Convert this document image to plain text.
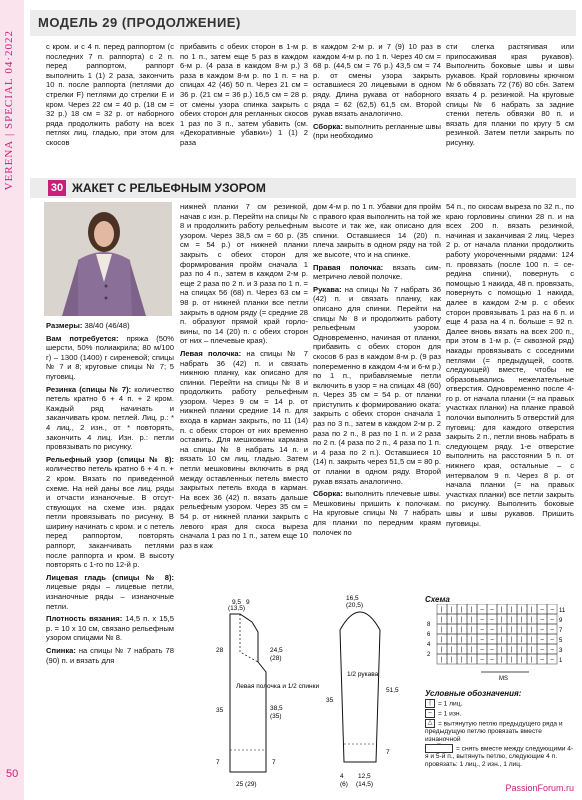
VERENA | SPECIAL 04·2022
50
МОДЕЛЬ 29 (ПРОДОЛЖЕНИЕ)
с кром. и с 4 п. перед раппортом (с последних 7 п. раппорта) с 2 п. перед раппортом, раппорт выполнить 1 (1) 2 раза, закончить 10 п. после раппорта (петлями до стрелки F) петлями до стрелки E и кром. Через 22 см = 40 р. (18 см = 32 р.) 18 см = 32 р. от наборного ряда продолжить работу на всех петлях лиц. гладью, при этом для скосов
прибавить с обеих сторон в 1-м р. по 1 п., затем еще 5 раз в каждом 6-м р. (4 раза в каждом 8-м р.) 3 раза в каждом 8-м р. по 1 п. = на спицах 42 (46) 50 п. Через 21 см = 36 р. (21 см = 36 р.) 16,5 см = 28 р. от смены узора спинка закрыть с обеих сторон для регланных скосов 1 раз по 3 п., затем убавить (см. «Декоративные убавки») 1 (1) 2 раза

в каждом 2-м р. и 7 (9) 10 раз в каждом 4-м р. по 1 п. Через 40 см = 68 р. (44,5 см = 76 р.) 43,5 см = 74 р. от смены узора закрыть оставшиеся 20 лицевыми в одном ряду. Длина рукава от наборного ряда = 62 (62,5) 61,5 см. Второй рукав вязать аналогично.

Сборка: выполнить регланные швы (при необходимо

сти слегка растягивая или припосаживая края рукавов). Выполнить боковые швы и швы рукавов. Край горловины крючком № 6 обвязать 72 (76) 80 сбн. Затем вязать 4 р. резинкой. На круговые спицы № 6 набрать за задние стенки петель обвязки 80 п. и вязать для планки по кругу 5 см резинкой. Затем петли закрыть по рисунку.
30 ЖАКЕТ С РЕЛЬЕФНЫМ УЗОРОМ

Размеры: 38/40 (46/48)

Вам потребуется: пряжа (50% шерсти, 50% полиакрила; 80 м/100 г) – 1300 (1400) г сиреневой; спицы № 7 и 8; круговые спицы № 7; 5 пуговиц.

Резинка (спицы № 7): количество петель кратно 6 + 4 п. + 2 кром. Каждый ряд начинать и заканчивать кром. петлей. Лиц. р.: * 4 лиц., 2 изн., от * повторять, закончить 4 лиц. Изн. р.: петли провязывать по рисунку.

Рельефный узор (спицы № 8): количество петель кратно 6 + 4 п. + 2 кром. Вязать по приведенной схеме. На ней даны все лиц. ряды и отчасти изнаночные. В отсутствующих на схеме изн. рядах петли провязывать по рисунку. В ширину начинать с кром. и с петель перед раппортом, повторять раппорт, заканчивать петлями после раппорта и кром. В высоту повторять с 1-го по 12-й р.

Лицевая гладь (спицы № 8): лицевые ряды – лицевые петли, изнаночные ряды – изнаночные петли.

Плотность вязания: 14,5 п. х 15,5 р. = 10 х 10 см, связано рельефным узором спицами № 8.

Спинка: на спицы № 7 набрать 78 (90) п. и вязать для

нижней планки 7 см резинкой, начав с изн. р. Перейти на спицы № 8 и продолжить работу рельефным узором. Через 38,5 см = 60 р. (35 см = 54 р.) от нижней планки закрыть с обеих сторон для формирования пройм сначала 1 раз по 4 п., затем в каждом 2-м р. еще 2 раза по 2 п. и 3 раза по 1 п. = на спицах 56 (68) п. Через 63 см = 98 р. от нижней планки все петли закрыть в одном ряду (= средние 28 п. образуют прямой край горловины, по 14 (20) п. с обеих сторон от них – плечевые края).

Левая полочка: на спицы № 7 набрать 36 (42) п. и связать нижнюю планку, как описано для спинки. Перейти на спицы № 8 и продолжить работу рельефным узором. Через 9 см = 14 р. от нижней планки средние 14 п. для входа в карман закрыть, по 11 (14) п. с обеих сторон от них временно оставить. Для мешковины кармана на спицы № 8 набрать 14 п. и вязать 10 см лиц. гладью. Затем петли мешковины включить в ряд между оставленных петель вместо закрытых петель входа в карман. На всех 36 (42) п. вязать дальше рельефным узором. Через 35 см = 54 р. от нижней планки закрыть с левого края для скоса выреза сначала 1 раз по 1 п., затем еще 10 раз в каж

дом 4-м р. по 1 п. Убавки для пройм с правого края выполнить на той же высоте и так же, как описано для спинки. Оставшиеся 14 (20) п. плеча закрыть в одном ряду на той же высоте, что и на спинке.

Правая полочка: вязать симметрично левой полочке.

Рукава: на спицы № 7 набрать 36 (42) п. и связать планку, как описано для спинки. Перейти на спицы № 8 и продолжить работу рельефным узором. Одновременно, начиная от планки, прибавить с обеих сторон для скосов 6 раз в каждом 8-м р. (9 раз попеременно в каждом 4-м и 6-м р.) по 1 п., прибавляемые петли включить в узор = на спицах 48 (60) п. Через 35 см = 54 р. от планки приступить к формированию оката: закрыть с обеих сторон сначала 1 раз по 3 п., затем в каждом 2-м р. 2 раза по 2 п., 8 раз по 1 п. и 2 раза по 2 п. (4 раза по 2 п., 4 раза по 1 п. и 4 раза по 2 п.). Оставшиеся 10 (14) п. закрыть через 51,5 см = 80 р. от планки в одном ряду. Второй рукав вязать аналогично.

Сборка: выполнить плечевые швы. Мешковины пришить к полочкам. На круговые спицы № 7 набрать для планки по передним краям полочек по

54 п., по скосам выреза по 32 п., по краю горловины спинки 28 п. и на всех 200 п. вязать резинкой, начиная и заканчивая 2 лиц. Через 2 р. от начала планки продолжить работу укороченными рядами: 124 п. провязать (после 100 п. = середина спинки), повернуть с помощью 1 накида, 48 п. провязать, повернуть с помощью 1 накида, далее в каждом 2-м р. с обеих сторон провязывать 1 раз на 6 п. и еще 4 раза на 4 п. больше = 92 п. Далее вновь вязать на всех 200 п., при этом в 1-м р. (= сквозной ряд) накады провязывать с соседними петлями (= предыдущей, соотв. следующей) вместе, чтобы не образовывались нежелательные отверстия. Одновременно после 4-го р. от начала планки (= на правых участках планки) на планке правой полочки выполнить 5 отверстий для пуговиц: для каждого отверстия закрыть 2 п., петли вновь набрать в следующем ряду. 1-е отверстие выполнить на расстоянии 5 п. от нижнего края, остальные – с интервалом 9 п. Через 8 р. от начала планки (= на правых участках планки) все петли закрыть по рисунку. Выполнить боковые швы и швы рукавов. Пришить пуговицы.

Левая полочка и 1/2 спинки
9,5 9
(13,5)
24,5
(28)
28
38,5
(35)
35
7	7
25 (29)
1/2 рукава
16,5
(20,5)
51,5
35
7
4
(6)
12,5
(14,5)
Схема
| | | | – – | | | | – –
| | | | – – | | | | – –
| | | | – – | | | | – –
| | | | – – | | | | – –
| | | | – – | | | | – –
| | | | – – | | | | – –
11
9
7
5
3
1
8
6
4
2
МS
Условные обозначения:
| = 1 лиц.
– = 1 изн.
△ = вытянутую петлю предыдущего ряда и предыдущую петлю провязать вместе изнаночной
⌒ = снять вместе между следующими 4-я и 5-й п., вытянуть петлю, следующие 4 п. провязать: 1 лиц., 2 изн., 1 лиц.
PassionForum.ru
